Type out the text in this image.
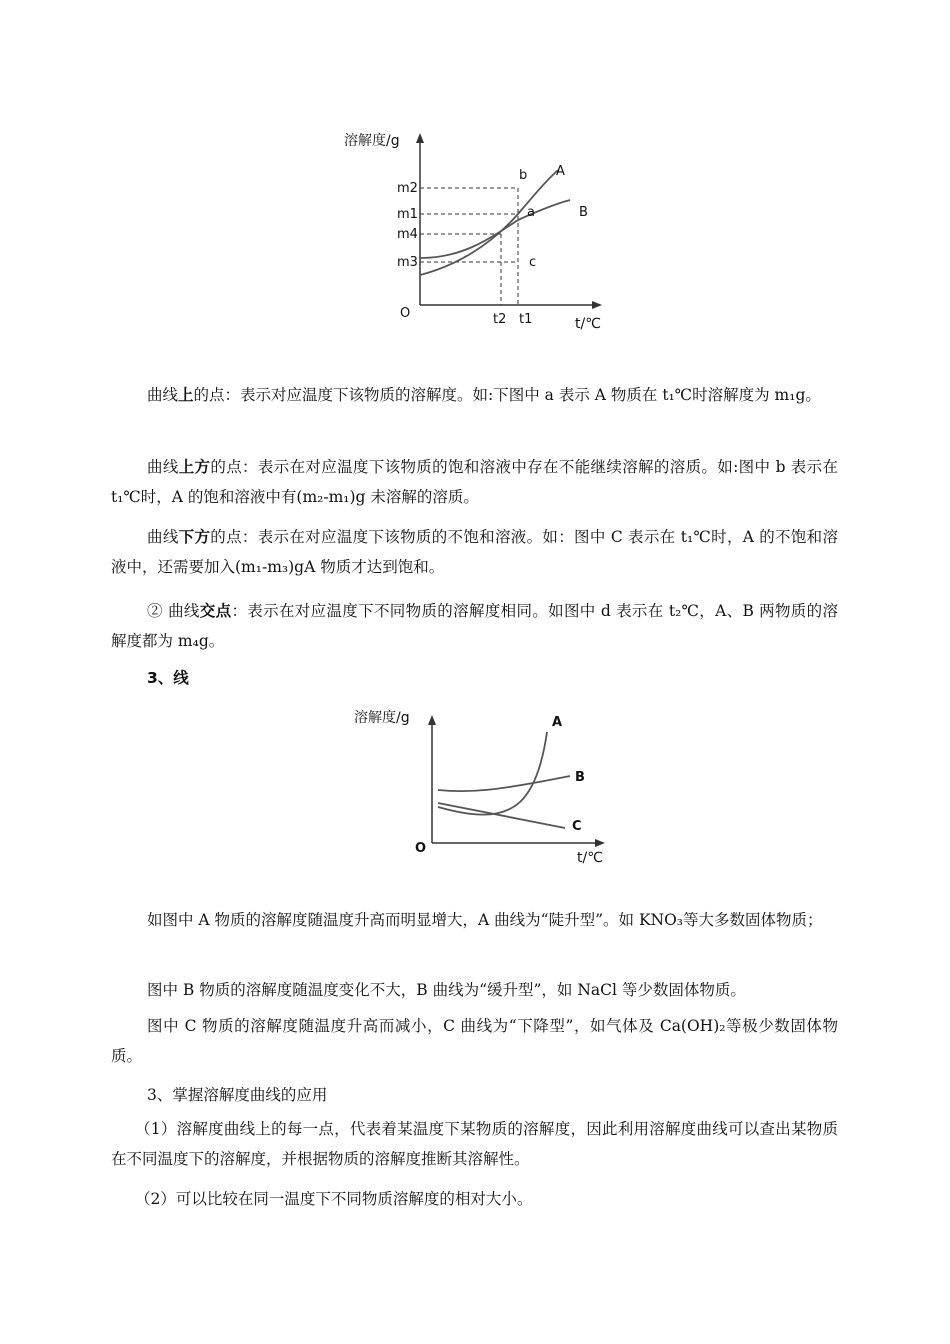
溶解度/g
t/℃
O
m2
m1
m4
m3
t2 t1
A
B
b
a
c

曲线上的点：表示对应温度下该物质的溶解度。如:下图中 a 表示 A 物质在 t₁℃时溶解度为 m₁g。

曲线上方的点：表示在对应温度下该物质的饱和溶液中存在不能继续溶解的溶质。如:图中 b 表示在 t₁℃时，A 的饱和溶液中有(m₂-m₁)g 未溶解的溶质。

曲线下方的点：表示在对应温度下该物质的不饱和溶液。如：图中 C 表示在 t₁℃时，A 的不饱和溶液中，还需要加入(m₁-m₃)gA 物质才达到饱和。

② 曲线交点：表示在对应温度下不同物质的溶解度相同。如图中 d 表示在 t₂℃，A、B 两物质的溶解度都为 m₄g。

3、线

溶解度/g
t/℃
O
A
B
C

如图中 A 物质的溶解度随温度升高而明显增大，A 曲线为“陡升型”。如 KNO₃等大多数固体物质；

图中 B 物质的溶解度随温度变化不大，B 曲线为“缓升型”，如 NaCl 等少数固体物质。

图中 C 物质的溶解度随温度升高而减小，C 曲线为“下降型”，如气体及 Ca(OH)₂等极少数固体物质。

3、掌握溶解度曲线的应用

（1）溶解度曲线上的每一点，代表着某温度下某物质的溶解度，因此利用溶解度曲线可以查出某物质在不同温度下的溶解度，并根据物质的溶解度推断其溶解性。

（2）可以比较在同一温度下不同物质溶解度的相对大小。
